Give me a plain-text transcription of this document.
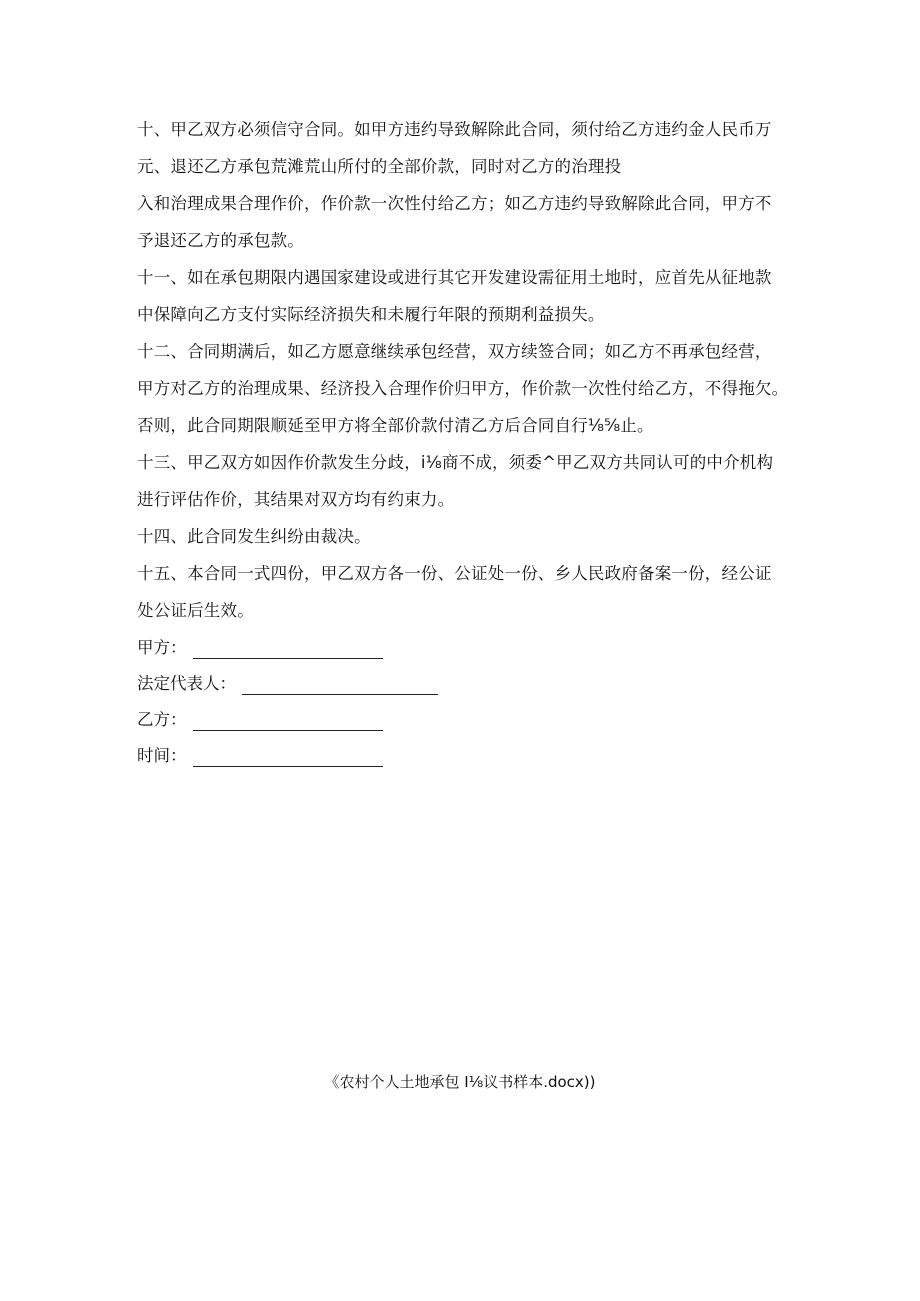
十、甲乙双方必须信守合同。如甲方违约导致解除此合同，须付给乙方违约金人民币万
元、退还乙方承包荒滩荒山所付的全部价款，同时对乙方的治理投
入和治理成果合理作价，作价款一次性付给乙方；如乙方违约导致解除此合同，甲方不
予退还乙方的承包款。
十一、如在承包期限内遇国家建设或进行其它开发建设需征用土地时，应首先从征地款
中保障向乙方支付实际经济损失和未履行年限的预期利益损失。
十二、合同期满后，如乙方愿意继续承包经营，双方续签合同；如乙方不再承包经营，
甲方对乙方的治理成果、经济投入合理作价归甲方，作价款一次性付给乙方，不得拖欠。
否则，此合同期限顺延至甲方将全部价款付清乙方后合同自行⅛⅝止。
十三、甲乙双方如因作价款发生分歧，i⅛商不成，须委^甲乙双方共同认可的中介机构
进行评估作价，其结果对双方均有约束力。
十四、此合同发生纠纷由裁决。
十五、本合同一式四份，甲乙双方各一份、公证处一份、乡人民政府备案一份，经公证
处公证后生效。
甲方：
法定代表人：
乙方：
时间：
《农村个人土地承包 I⅛议书样本.docx))
